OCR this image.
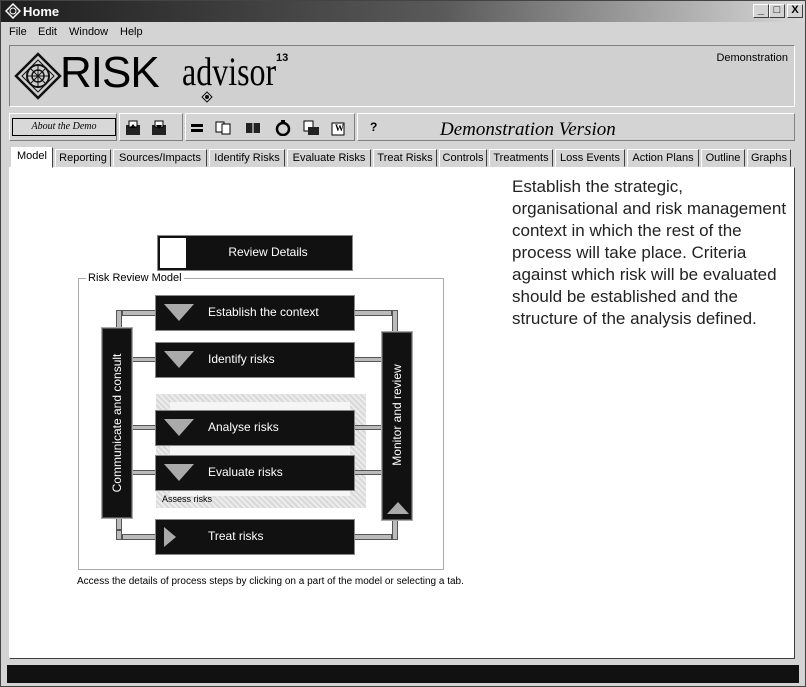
Home	_ □	X
File Edit Window Help
RISK advisor 13	Demonstration
About the Demo	W ?	Demonstration Version
Model	Reporting	Sources/Impacts	Identify Risks	Evaluate Risks	Treat Risks Controls Treatments	Loss Events	Action Plans	Outline Graphs
Establish the strategic, organisational and risk management context in which the rest of the process will take place. Criteria against which risk will be evaluated should be established and the structure of the analysis defined.
Review Details
Risk Review Model
Assess risks
Establish the context
Identify risks
Analyse risks
Evaluate risks
Treat risks
Communicate and consult	Monitor and review
Access the details of process steps by clicking on a part of the model or selecting a tab.
